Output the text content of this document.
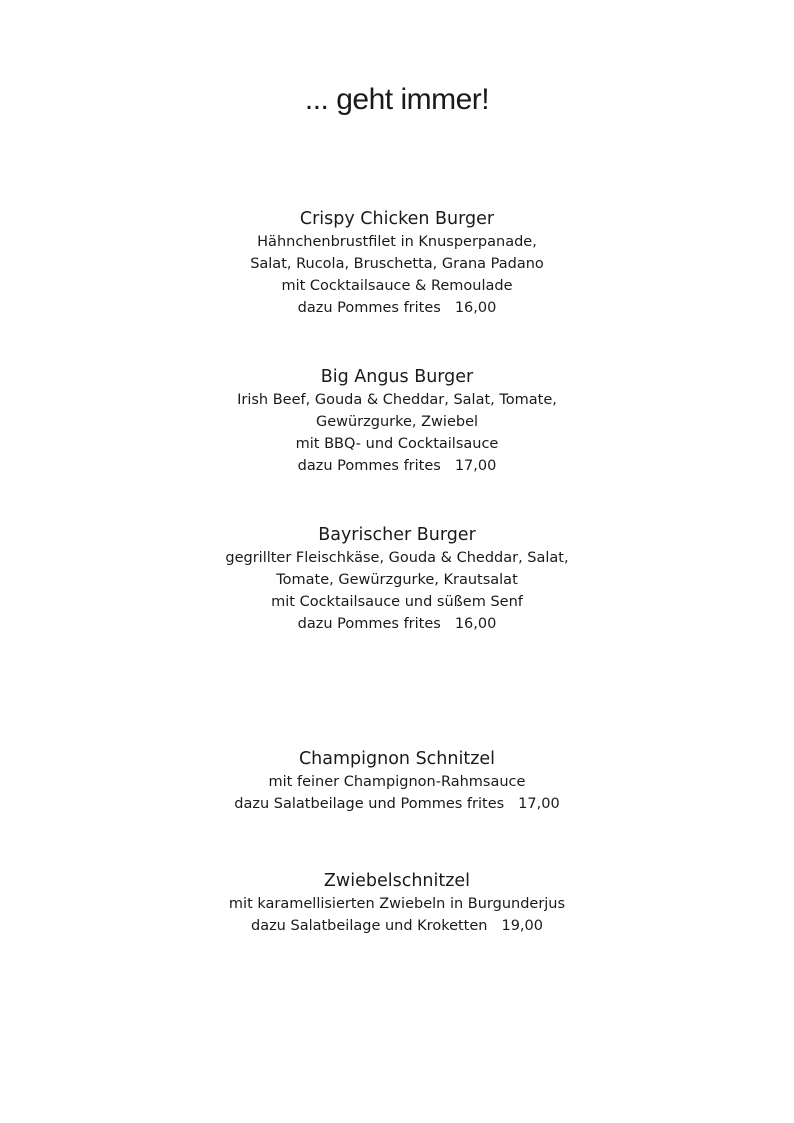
... geht immer!
Crispy Chicken Burger

Hähnchenbrustfilet in Knusperpanade,

Salat, Rucola, Bruschetta, Grana Padano

mit Cocktailsauce & Remoulade

dazu Pommes frites 16,00

Big Angus Burger

Irish Beef, Gouda & Cheddar, Salat, Tomate,

Gewürzgurke, Zwiebel

mit BBQ- und Cocktailsauce

dazu Pommes frites 17,00

Bayrischer Burger

gegrillter Fleischkäse, Gouda & Cheddar, Salat,

Tomate, Gewürzgurke, Krautsalat

mit Cocktailsauce und süßem Senf

dazu Pommes frites 16,00

Champignon Schnitzel

mit feiner Champignon-Rahmsauce

dazu Salatbeilage und Pommes frites 17,00

Zwiebelschnitzel

mit karamellisierten Zwiebeln in Burgunderjus

dazu Salatbeilage und Kroketten 19,00
